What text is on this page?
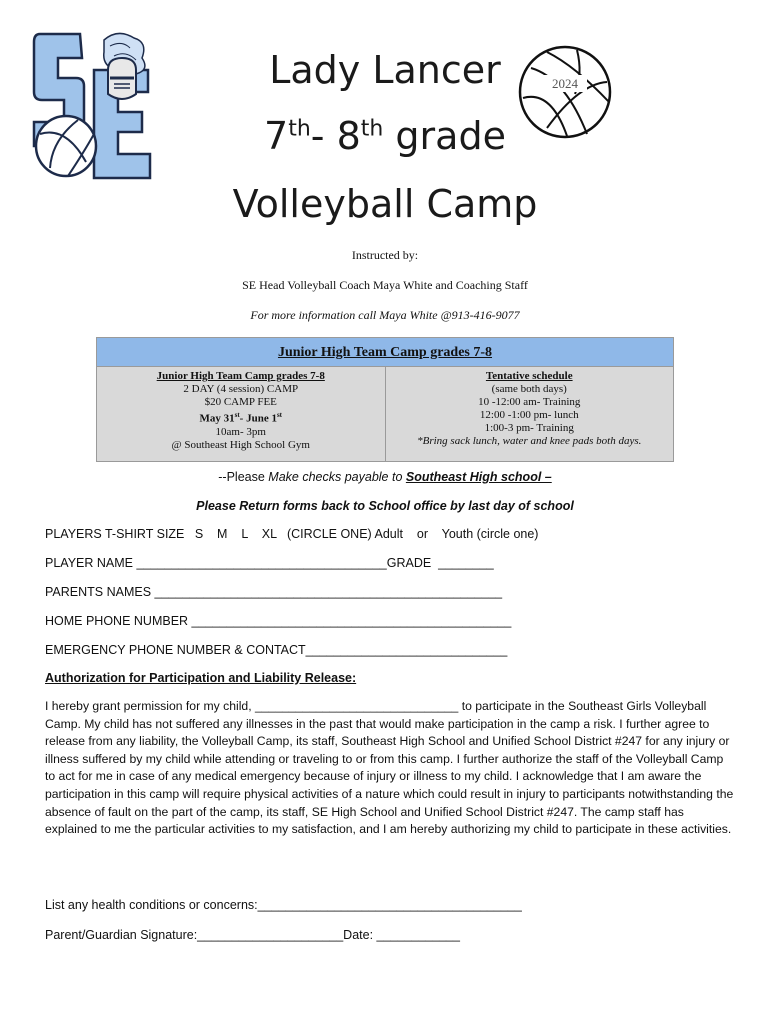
Lady Lancer
7th- 8th grade
Volleyball Camp
2024
Instructed by:
SE Head Volleyball Coach Maya White and Coaching Staff
For more information call Maya White @913-416-9077
Junior High Team Camp grades 7-8

Junior High Team Camp grades 7-8
2 DAY (4 session) CAMP
$20 CAMP FEE
May 31st- June 1st
10am- 3pm
@ Southeast High School Gym

Tentative schedule
(same both days)
10 -12:00 am- Training
12:00 -1:00 pm- lunch
1:00-3 pm- Training
*Bring sack lunch, water and knee pads both days.
--Please Make checks payable to Southeast High school –
Please Return forms back to School office by last day of school
PLAYERS T-SHIRT SIZE   S    M    L    XL   (CIRCLE ONE) Adult    or    Youth (circle one)
PLAYER NAME ____________________________________GRADE  ________
PARENTS NAMES __________________________________________________
HOME PHONE NUMBER ______________________________________________
EMERGENCY PHONE NUMBER & CONTACT_____________________________
Authorization for Participation and Liability Release:
I hereby grant permission for my child, ______________________________ to participate in the Southeast Girls Volleyball Camp. My child has not suffered any illnesses in the past that would make participation in the camp a risk. I further agree to release from any liability, the Volleyball Camp, its staff, Southeast High School and Unified School District #247 for any injury or illness suffered by my child while attending or traveling to or from this camp. I further authorize the staff of the Volleyball Camp to act for me in case of any medical emergency because of injury or illness to my child. I acknowledge that I am aware the participation in this camp will require physical activities of a nature which could result in injury to participants notwithstanding the absence of fault on the part of the camp, its staff, SE High School and Unified School District #247. The camp staff has explained to me the particular activities to my satisfaction, and I am hereby authorizing my child to participate in these activities.
List any health conditions or concerns:______________________________________
Parent/Guardian Signature:_____________________Date: ____________
